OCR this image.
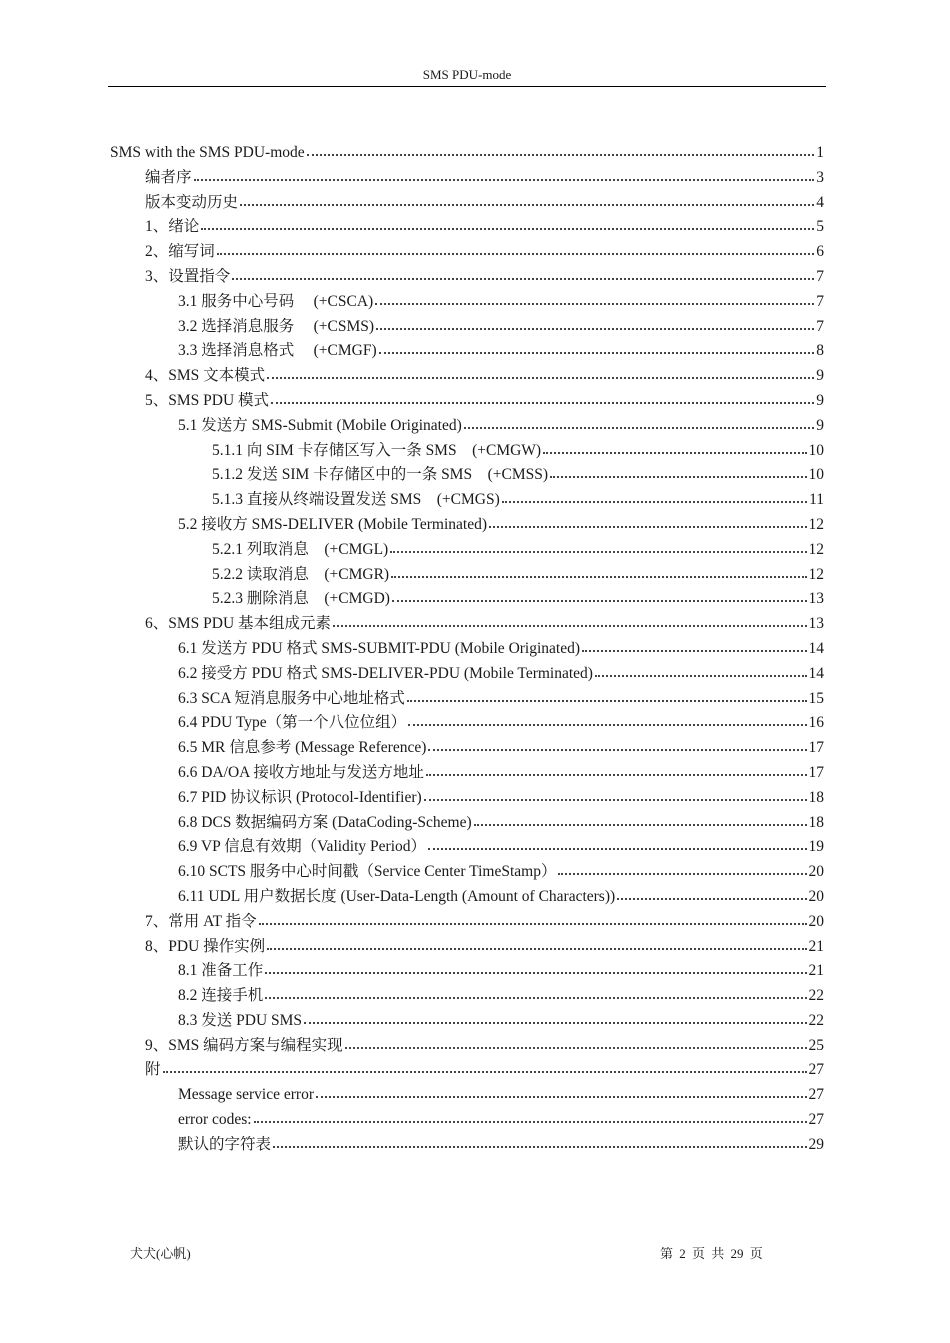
SMS PDU-mode
SMS with the SMS PDU-mode	1
编者序	3
版本变动历史	4
1、绪论	5
2、缩写词	6
3、设置指令	7
3.1 服务中心号码　 (+CSCA)	7
3.2 选择消息服务　 (+CSMS)	7
3.3 选择消息格式　 (+CMGF)	8
4、SMS 文本模式	9
5、SMS PDU 模式	9
5.1 发送方 SMS-Submit (Mobile Originated)	9
5.1.1 向 SIM 卡存储区写入一条 SMS　(+CMGW)	10
5.1.2 发送 SIM 卡存储区中的一条 SMS　(+CMSS)	10
5.1.3 直接从终端设置发送 SMS　(+CMGS)	11
5.2 接收方 SMS-DELIVER (Mobile Terminated)	12
5.2.1 列取消息　(+CMGL)	12
5.2.2 读取消息　(+CMGR)	12
5.2.3 删除消息　(+CMGD)	13
6、SMS PDU 基本组成元素	13
6.1 发送方 PDU 格式 SMS-SUBMIT-PDU (Mobile Originated)	14
6.2 接受方 PDU 格式 SMS-DELIVER-PDU (Mobile Terminated)	14
6.3 SCA 短消息服务中心地址格式	15
6.4 PDU Type（第一个八位位组）	16
6.5 MR 信息参考 (Message Reference)	17
6.6 DA/OA 接收方地址与发送方地址	17
6.7 PID 协议标识 (Protocol-Identifier)	18
6.8 DCS 数据编码方案 (DataCoding-Scheme)	18
6.9 VP 信息有效期（Validity Period）	19
6.10 SCTS 服务中心时间戳（Service Center TimeStamp）	20
6.11 UDL 用户数据长度 (User-Data-Length (Amount of Characters))	20
7、常用 AT 指令	20
8、PDU 操作实例	21
8.1 准备工作	21
8.2 连接手机	22
8.3 发送 PDU SMS	22
9、SMS 编码方案与编程实现	25
附	27
Message service error	27
error codes:	27
默认的字符表	29
犬犬(心帆)	第 2 页 共 29 页
